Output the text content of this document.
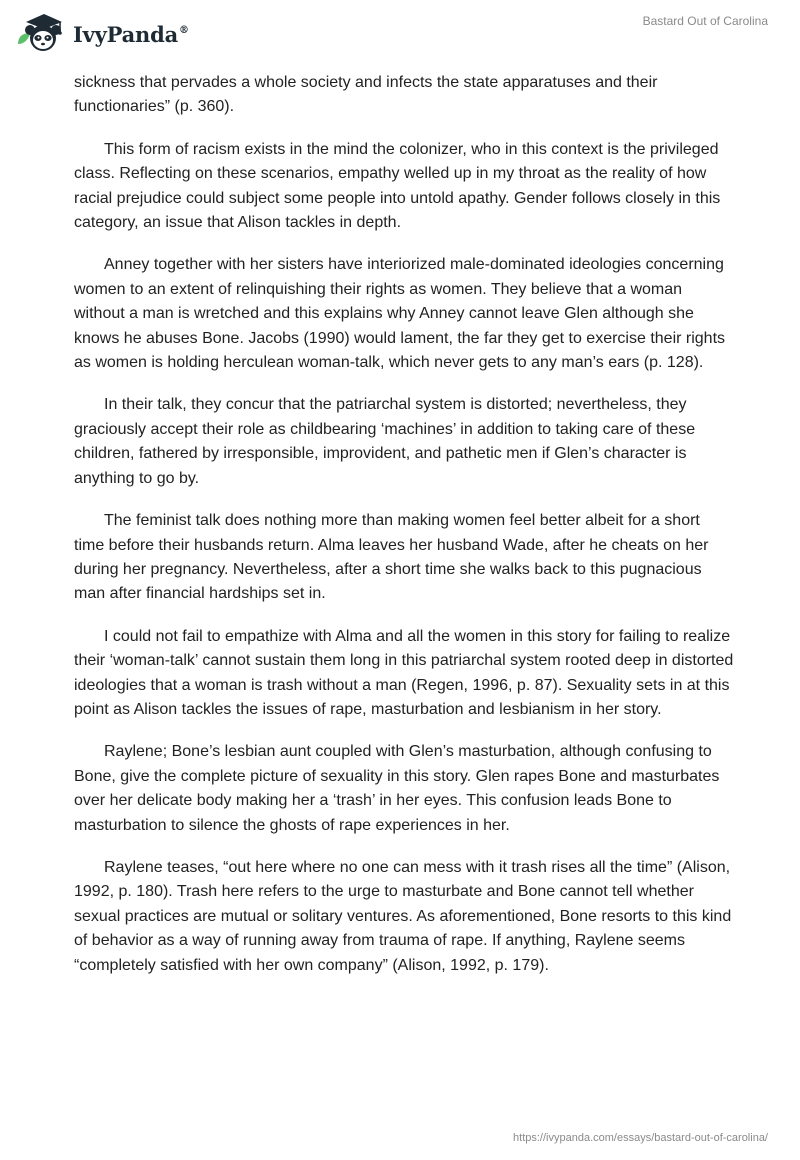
IvyPanda®
Bastard Out of Carolina

sickness that pervades a whole society and infects the state apparatuses and their functionaries” (p. 360).

This form of racism exists in the mind the colonizer, who in this context is the privileged class. Reflecting on these scenarios, empathy welled up in my throat as the reality of how racial prejudice could subject some people into untold apathy. Gender follows closely in this category, an issue that Alison tackles in depth.

Anney together with her sisters have interiorized male-dominated ideologies concerning women to an extent of relinquishing their rights as women. They believe that a woman without a man is wretched and this explains why Anney cannot leave Glen although she knows he abuses Bone. Jacobs (1990) would lament, the far they get to exercise their rights as women is holding herculean woman-talk, which never gets to any man’s ears (p. 128).

In their talk, they concur that the patriarchal system is distorted; nevertheless, they graciously accept their role as childbearing ‘machines’ in addition to taking care of these children, fathered by irresponsible, improvident, and pathetic men if Glen’s character is anything to go by.

The feminist talk does nothing more than making women feel better albeit for a short time before their husbands return. Alma leaves her husband Wade, after he cheats on her during her pregnancy. Nevertheless, after a short time she walks back to this pugnacious man after financial hardships set in.

I could not fail to empathize with Alma and all the women in this story for failing to realize their ‘woman-talk’ cannot sustain them long in this patriarchal system rooted deep in distorted ideologies that a woman is trash without a man (Regen, 1996, p. 87). Sexuality sets in at this point as Alison tackles the issues of rape, masturbation and lesbianism in her story.

Raylene; Bone’s lesbian aunt coupled with Glen’s masturbation, although confusing to Bone, give the complete picture of sexuality in this story. Glen rapes Bone and masturbates over her delicate body making her a ‘trash’ in her eyes. This confusion leads Bone to masturbation to silence the ghosts of rape experiences in her.

Raylene teases, “out here where no one can mess with it trash rises all the time” (Alison, 1992, p. 180). Trash here refers to the urge to masturbate and Bone cannot tell whether sexual practices are mutual or solitary ventures. As aforementioned, Bone resorts to this kind of behavior as a way of running away from trauma of rape. If anything, Raylene seems “completely satisfied with her own company” (Alison, 1992, p. 179).

https://ivypanda.com/essays/bastard-out-of-carolina/
